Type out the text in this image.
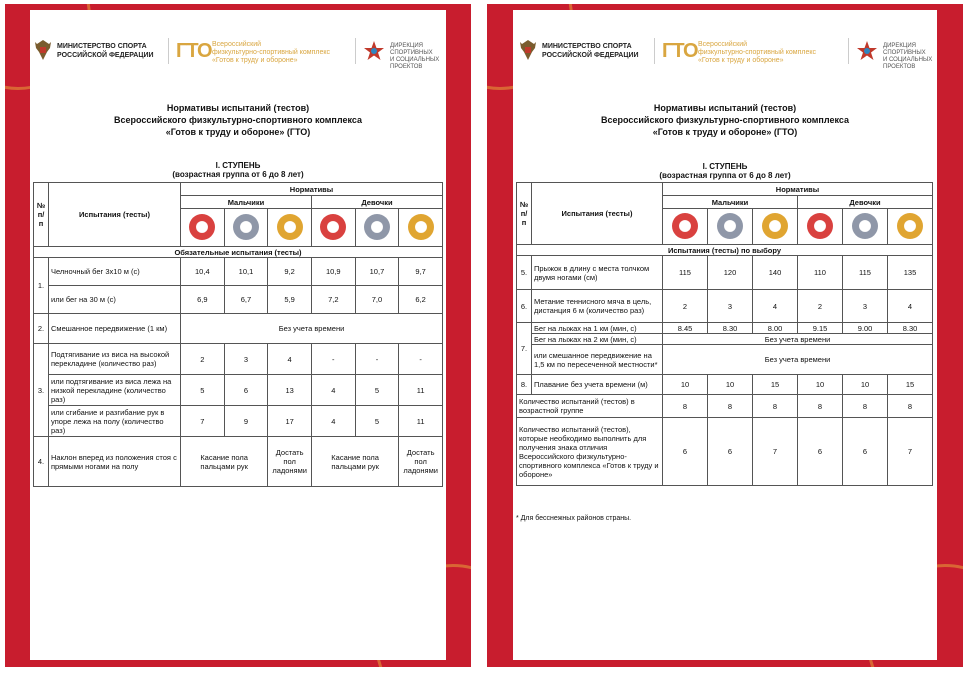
МИНИСТЕРСТВО СПОРТА
РОССИЙСКОЙ ФЕДЕРАЦИИ ГТО Всероссийский
физкультурно-спортивный комплекс
«Готов к труду и обороне»
ДИРЕКЦИЯ
СПОРТИВНЫХ
И СОЦИАЛЬНЫХ
ПРОЕКТОВ
Нормативы испытаний (тестов)
Всероссийского физкультурно-спортивного комплекса
«Готов к труду и обороне» (ГТО)
I. СТУПЕНЬ
(возрастная группа от 6 до 8 лет)
№ п/п	Испытания (тесты)	Нормативы					
		Мальчики			Девочки		

Обязательные испытания (тесты)							
1.	Челночный бег 3х10 м (с)	10,4	10,1	9,2	10,9	10,7	9,7
	или бег на 30 м (с)	6,9	6,7	5,9	7,2	7,0	6,2
2.	Смешанное передвижение (1 км)	Без учета времени					
3.	Подтягивание из виса на высокой перекладине (количество раз)	2	3	4	-	-	-
	или подтягивание из виса лежа на низкой перекладине (количество раз)	5	6	13	4	5	11
	или сгибание и разгибание рук в упоре лежа на полу (количество раз)	7	9	17	4	5	11
4.	Наклон вперед из положения стоя с прямыми ногами на полу	Касание пола пальцами рук		Достать пол ладонями	Касание пола пальцами рук		Достать пол ладонями
МИНИСТЕРСТВО СПОРТА
РОССИЙСКОЙ ФЕДЕРАЦИИ ГТО Всероссийский
физкультурно-спортивный комплекс
«Готов к труду и обороне»
ДИРЕКЦИЯ
СПОРТИВНЫХ
И СОЦИАЛЬНЫХ
ПРОЕКТОВ
Нормативы испытаний (тестов)
Всероссийского физкультурно-спортивного комплекса
«Готов к труду и обороне» (ГТО)
I. СТУПЕНЬ
(возрастная группа от 6 до 8 лет)
№ п/п	Испытания (тесты)	Нормативы					
		Мальчики			Девочки		

Испытания (тесты) по выбору							
5.	Прыжок в длину с места толчком двумя ногами (см)	115	120	140	110	115	135
6.	Метание теннисного мяча в цель, дистанция 6 м (количество раз)	2	3	4	2	3	4
7.	Бег на лыжах на 1 км (мин, с)	8.45	8.30	8.00	9.15	9.00	8.30
	Бег на лыжах на 2 км (мин, с)	Без учета времени					
	или смешанное передвижение на 1,5 км по пересеченной местности*	Без учета времени					
8.	Плавание без учета времени (м)	10	10	15	10	10	15
Количество испытаний (тестов) в возрастной группе		8	8	8	8	8	8
Количество испытаний (тестов), которые необходимо выполнить для получения знака отличия Всероссийского физкультурно-спортивного комплекса «Готов к труду и обороне»		6	6	7	6	6	7
* Для бесснежных районов страны.
